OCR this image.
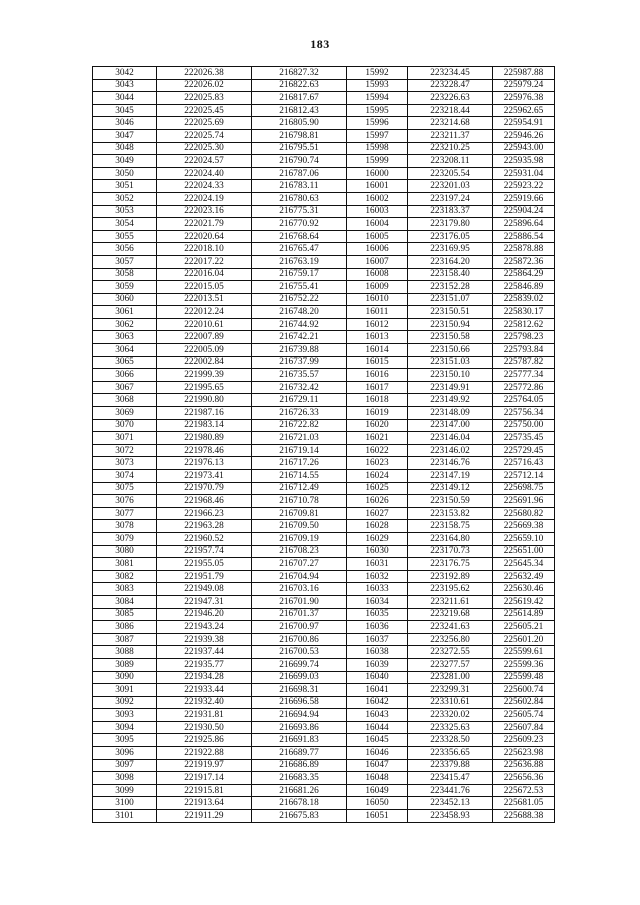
183
3042	222026.38	216827.32	15992	223234.45	225987.88
3043	222026.02	216822.63	15993	223228.47	225979.24
3044	222025.83	216817.67	15994	223226.63	225976.38
3045	222025.45	216812.43	15995	223218.44	225962.65
3046	222025.69	216805.90	15996	223214.68	225954.91
3047	222025.74	216798.81	15997	223211.37	225946.26
3048	222025.30	216795.51	15998	223210.25	225943.00
3049	222024.57	216790.74	15999	223208.11	225935.98
3050	222024.40	216787.06	16000	223205.54	225931.04
3051	222024.33	216783.11	16001	223201.03	225923.22
3052	222024.19	216780.63	16002	223197.24	225919.66
3053	222023.16	216775.31	16003	223183.37	225904.24
3054	222021.79	216770.92	16004	223179.80	225896.64
3055	222020.64	216768.64	16005	223176.05	225886.54
3056	222018.10	216765.47	16006	223169.95	225878.88
3057	222017.22	216763.19	16007	223164.20	225872.36
3058	222016.04	216759.17	16008	223158.40	225864.29
3059	222015.05	216755.41	16009	223152.28	225846.89
3060	222013.51	216752.22	16010	223151.07	225839.02
3061	222012.24	216748.20	16011	223150.51	225830.17
3062	222010.61	216744.92	16012	223150.94	225812.62
3063	222007.89	216742.21	16013	223150.58	225798.23
3064	222005.09	216739.88	16014	223150.66	225793.84
3065	222002.84	216737.99	16015	223151.03	225787.82
3066	221999.39	216735.57	16016	223150.10	225777.34
3067	221995.65	216732.42	16017	223149.91	225772.86
3068	221990.80	216729.11	16018	223149.92	225764.05
3069	221987.16	216726.33	16019	223148.09	225756.34
3070	221983.14	216722.82	16020	223147.00	225750.00
3071	221980.89	216721.03	16021	223146.04	225735.45
3072	221978.46	216719.14	16022	223146.02	225729.45
3073	221976.13	216717.26	16023	223146.76	225716.43
3074	221973.41	216714.55	16024	223147.19	225712.14
3075	221970.79	216712.49	16025	223149.12	225698.75
3076	221968.46	216710.78	16026	223150.59	225691.96
3077	221966.23	216709.81	16027	223153.82	225680.82
3078	221963.28	216709.50	16028	223158.75	225669.38
3079	221960.52	216709.19	16029	223164.80	225659.10
3080	221957.74	216708.23	16030	223170.73	225651.00
3081	221955.05	216707.27	16031	223176.75	225645.34
3082	221951.79	216704.94	16032	223192.89	225632.49
3083	221949.08	216703.16	16033	223195.62	225630.46
3084	221947.31	216701.90	16034	223211.61	225619.42
3085	221946.20	216701.37	16035	223219.68	225614.89
3086	221943.24	216700.97	16036	223241.63	225605.21
3087	221939.38	216700.86	16037	223256.80	225601.20
3088	221937.44	216700.53	16038	223272.55	225599.61
3089	221935.77	216699.74	16039	223277.57	225599.36
3090	221934.28	216699.03	16040	223281.00	225599.48
3091	221933.44	216698.31	16041	223299.31	225600.74
3092	221932.40	216696.58	16042	223310.61	225602.84
3093	221931.81	216694.94	16043	223320.02	225605.74
3094	221930.50	216693.86	16044	223325.63	225607.84
3095	221925.86	216691.83	16045	223328.50	225609.23
3096	221922.88	216689.77	16046	223356.65	225623.98
3097	221919.97	216686.89	16047	223379.88	225636.88
3098	221917.14	216683.35	16048	223415.47	225656.36
3099	221915.81	216681.26	16049	223441.76	225672.53
3100	221913.64	216678.18	16050	223452.13	225681.05
3101	221911.29	216675.83	16051	223458.93	225688.38
